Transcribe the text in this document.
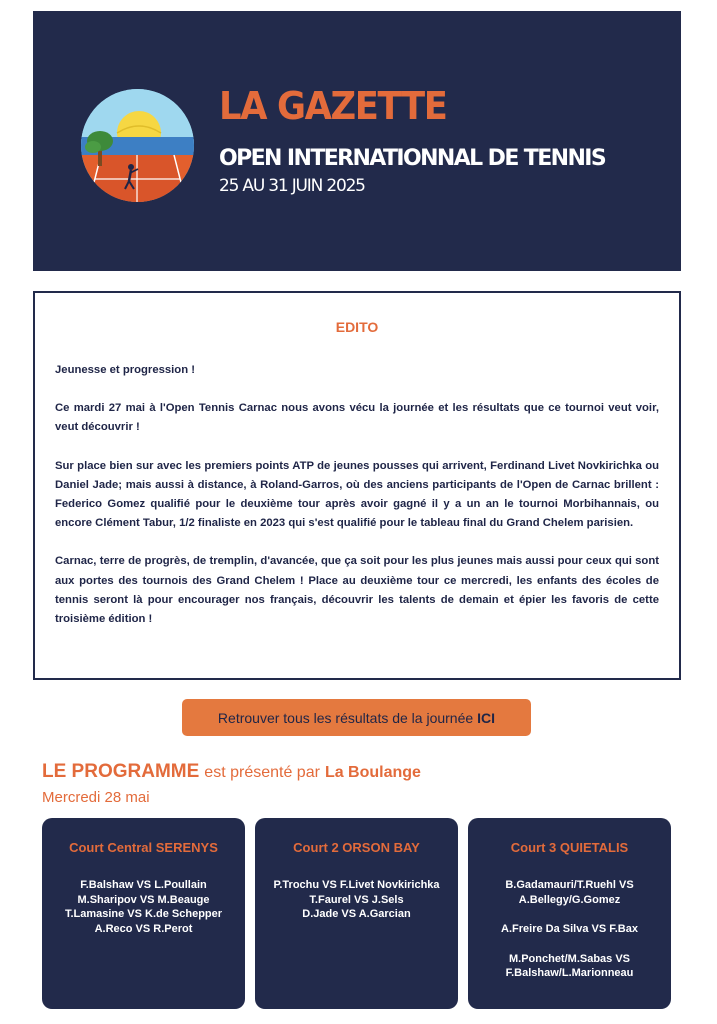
LA GAZETTE
OPEN INTERNATIONNAL DE TENNIS
25 AU 31 JUIN 2025
EDITO

Jeunesse et progression !

Ce mardi 27 mai à l'Open Tennis Carnac nous avons vécu la journée et les résultats que ce tournoi veut voir, veut découvrir !

Sur place bien sur avec les premiers points ATP de jeunes pousses qui arrivent, Ferdinand Livet Novkirichka ou Daniel Jade; mais aussi à distance, à Roland-Garros, où des anciens participants de l'Open de Carnac brillent : Federico Gomez qualifié pour le deuxième tour après avoir gagné il y a un an le tournoi Morbihannais, ou encore Clément Tabur, 1/2 finaliste en 2023 qui s'est qualifié pour le tableau final du Grand Chelem parisien.

Carnac, terre de progrès, de tremplin, d'avancée, que ça soit pour les plus jeunes mais aussi pour ceux qui sont aux portes des tournois des Grand Chelem ! Place au deuxième tour ce mercredi, les enfants des écoles de tennis seront là pour encourager nos français, découvrir les talents de demain et épier les favoris de cette troisième édition !

Retrouver tous les résultats de la journée ICI
LE PROGRAMME est présenté par La Boulange
Mercredi 28 mai
Court Central SERENYS
F.Balshaw VS L.Poullain
M.Sharipov VS M.Beauge
T.Lamasine VS K.de Schepper
A.Reco VS R.Perot
Court 2 ORSON BAY
P.Trochu VS F.Livet Novkirichka
T.Faurel VS J.Sels
D.Jade VS A.Garcian
Court 3 QUIETALIS
B.Gadamauri/T.Ruehl VS A.Bellegy/G.Gomez
A.Freire Da Silva VS F.Bax
M.Ponchet/M.Sabas VS F.Balshaw/L.Marionneau
